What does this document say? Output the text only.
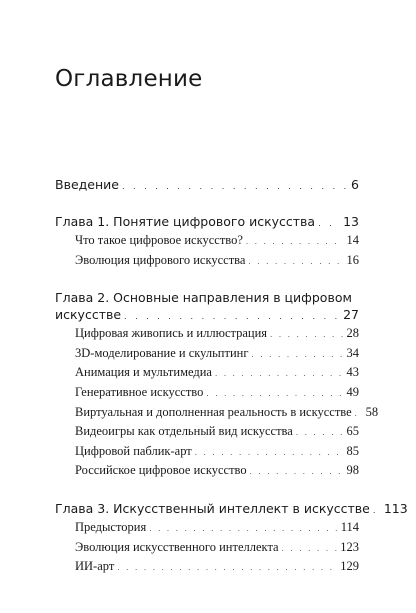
Оглавление
Введение . . .	6
Глава 1. Понятие цифрового искусства . . . 13
Что такое цифровое искусство? . . .	14
Эволюция цифрового искусства . . .	16
Глава 2. Основные направления в цифровом
искусстве . . .	27
Цифровая живопись и иллюстрация . . .	28
3D-моделирование и скульптинг . . .	34
Анимация и мультимедиа . . .	43
Генеративное искусство . . .	49
Виртуальная и дополненная реальность в искусстве . . . 58
Видеоигры как отдельный вид искусства . . .	65
Цифровой паблик-арт . . .	85
Российское цифровое искусство . . .	98
Глава 3. Искусственный интеллект в искусстве . . . 113
Предыстория . . .	114
Эволюция искусственного интеллекта . . .	123
ИИ-арт . . .	129
